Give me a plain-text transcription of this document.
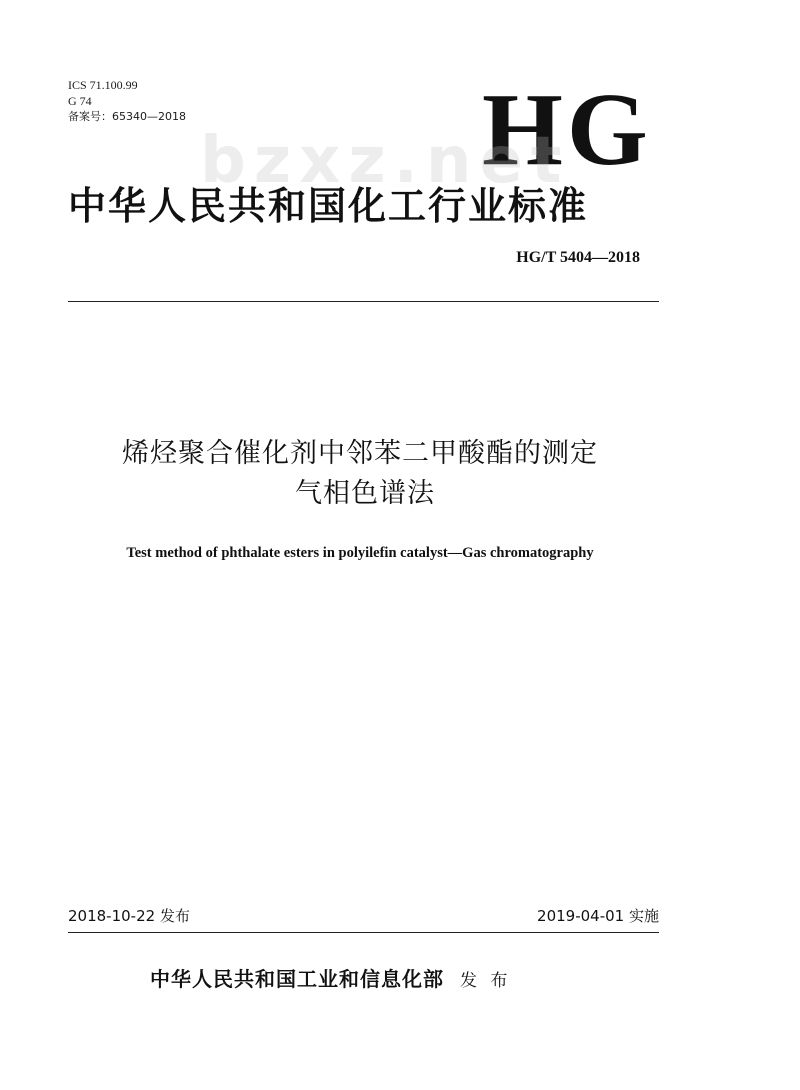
ICS 71.100.99
G 74
备案号：65340—2018	HG
bzxz.net
中华人民共和国化工行业标准
HG/T 5404—2018
烯烃聚合催化剂中邻苯二甲酸酯的测定
气相色谱法
Test method of phthalate esters in polyilefin catalyst—Gas chromatography
2018-10-22 发布	2019-04-01 实施
中华人民共和国工业和信息化部 发 布
